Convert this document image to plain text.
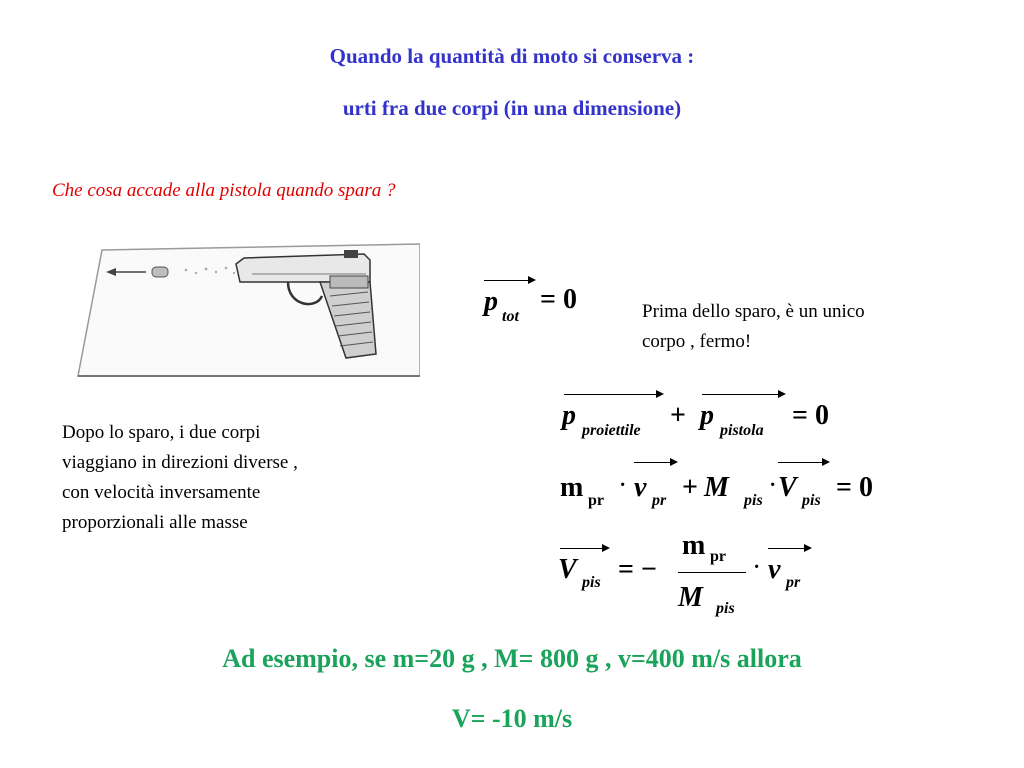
Quando la quantità di moto si conserva :
urti fra due corpi (in una dimensione)
Che cosa accade alla pistola quando spara ?
Dopo lo sparo, i due corpi
viaggiano in direzioni diverse ,
con velocità inversamente
proporzionali alle masse
Prima dello sparo, è un unico
corpo , fermo!
p tot
= 0
p proiettile + p pistola = 0
m pr · v pr + M pis · V pis = 0
V pis = −
m pr
M pis
· v pr
Ad esempio, se m=20 g , M= 800 g , v=400 m/s allora
V= -10 m/s
